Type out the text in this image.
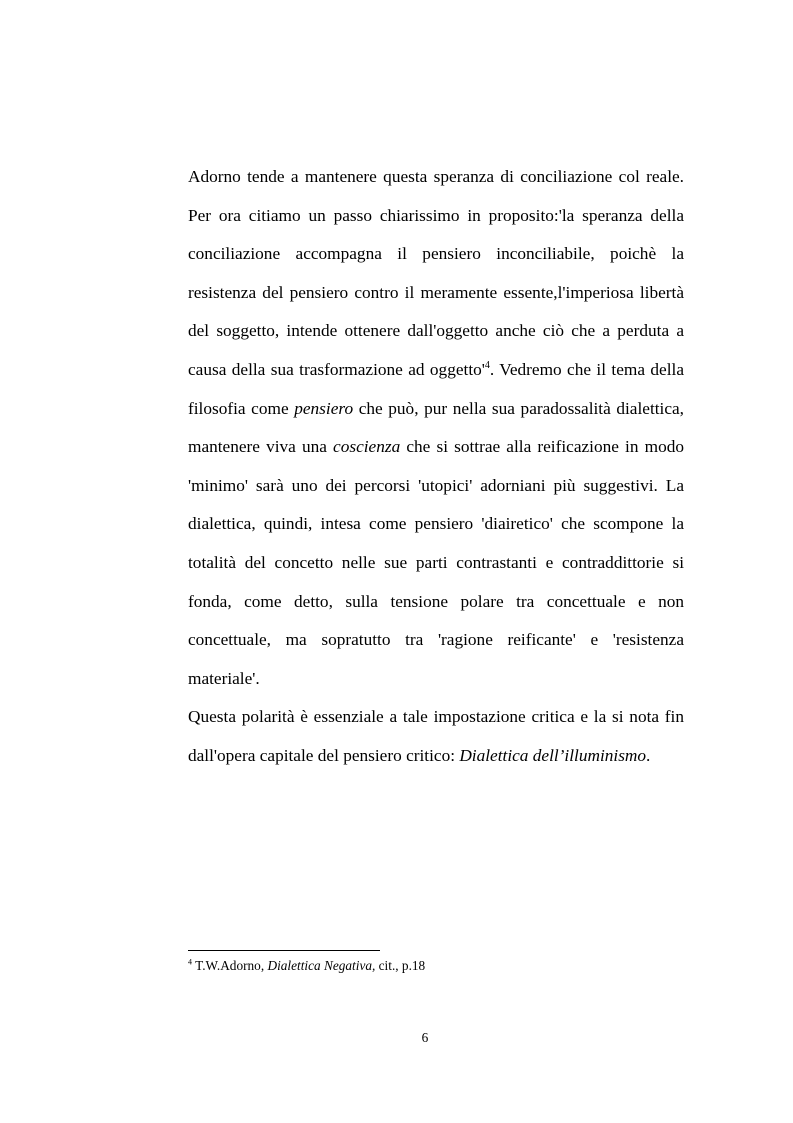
Adorno tende a mantenere questa speranza di conciliazione col reale. Per ora citiamo un passo chiarissimo in proposito:'la speranza della conciliazione accompagna il pensiero inconciliabile, poichè la resistenza del pensiero contro il meramente essente,l'imperiosa libertà del soggetto, intende ottenere dall'oggetto anche ciò che a perduta a causa della sua trasformazione ad $oggetto'^4$. Vedremo che il tema della filosofia come pensiero che può, pur nella sua paradossalità dialettica, mantenere viva una coscienza che si sottrae alla reificazione in modo 'minimo' sarà uno dei percorsi 'utopici' adorniani più suggestivi. La dialettica, quindi, intesa come pensiero 'diairetico' che scompone la totalità del concetto nelle sue parti contrastanti e contraddittorie si fonda, come detto, sulla tensione polare tra concettuale e non concettuale, ma sopratutto tra 'ragione reificante' e 'resistenza materiale'.

Questa polarità è essenziale a tale impostazione critica e la si nota fin dall'opera capitale del pensiero critico: Dialettica dell’illuminismo.

$^4$ T.W.Adorno, Dialettica Negativa, cit., p.18
6
